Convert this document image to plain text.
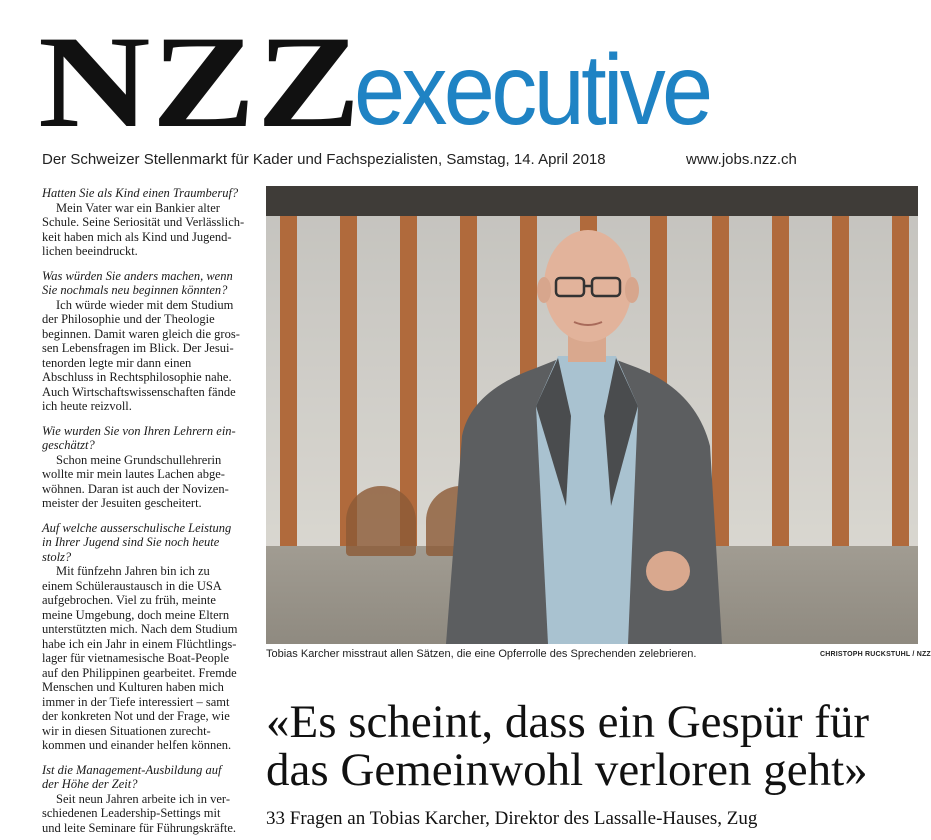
NZZ
executive
Der Schweizer Stellenmarkt für Kader und Fachspezialisten, Samstag, 14. April 2018	www.jobs.nzz.ch
Hatten Sie als Kind einen Traumberuf?
Mein Vater war ein Bankier alter
Schule. Seine Seriosität und Verlässlich-
keit haben mich als Kind und Jugend-
lichen beeindruckt.
Was würden Sie anders machen, wenn
Sie nochmals neu beginnen könnten?
Ich würde wieder mit dem Studium
der Philosophie und der Theologie
beginnen. Damit waren gleich die gros-
sen Lebensfragen im Blick. Der Jesui-
tenorden legte mir dann einen
Abschluss in Rechtsphilosophie nahe.
Auch Wirtschaftswissenschaften fände
ich heute reizvoll.
Wie wurden Sie von Ihren Lehrern ein-
geschätzt?
Schon meine Grundschullehrerin
wollte mir mein lautes Lachen abge-
wöhnen. Daran ist auch der Novizen-
meister der Jesuiten gescheitert.
Auf welche ausserschulische Leistung
in Ihrer Jugend sind Sie noch heute
stolz?
Mit fünfzehn Jahren bin ich zu
einem Schüleraustausch in die USA
aufgebrochen. Viel zu früh, meinte
meine Umgebung, doch meine Eltern
unterstützten mich. Nach dem Studium
habe ich ein Jahr in einem Flüchtlings-
lager für vietnamesische Boat-People
auf den Philippinen gearbeitet. Fremde
Menschen und Kulturen haben mich
immer in der Tiefe interessiert – samt
der konkreten Not und der Frage, wie
wir in diesen Situationen zurecht-
kommen und einander helfen können.
Ist die Management-Ausbildung auf
der Höhe der Zeit?
Seit neun Jahren arbeite ich in ver-
schiedenen Leadership-Settings mit
und leite Seminare für Führungskräfte.
Tobias Karcher misstraut allen Sätzen, die eine Opferrolle des Sprechenden zelebrieren.	CHRISTOPH RUCKSTUHL / NZZ
«Es scheint, dass ein Gespür für
das Gemeinwohl verloren geht»
33 Fragen an Tobias Karcher, Direktor des Lassalle-Hauses, Zug
